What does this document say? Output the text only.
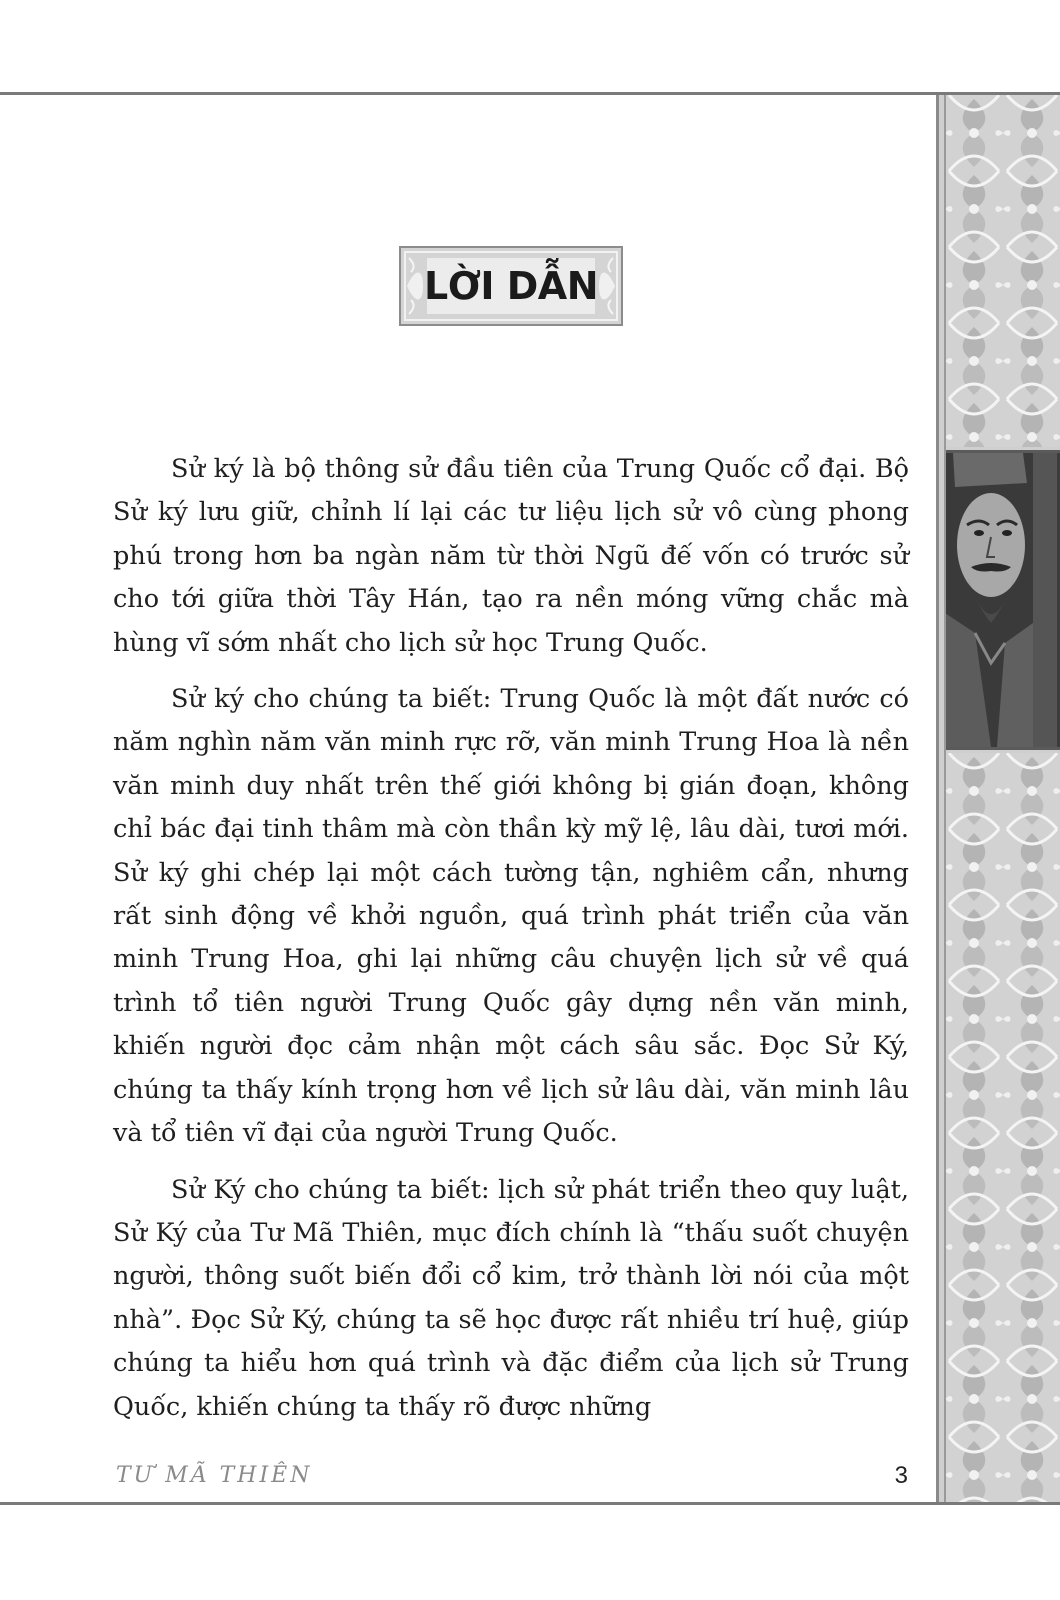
LỜI DẪN

Sử ký là bộ thông sử đầu tiên của Trung Quốc cổ đại. Bộ Sử ký lưu giữ, chỉnh lí lại các tư liệu lịch sử vô cùng phong phú trong hơn ba ngàn năm từ thời Ngũ đế vốn có trước sử cho tới giữa thời Tây Hán, tạo ra nền móng vững chắc mà hùng vĩ sớm nhất cho lịch sử học Trung Quốc.

Sử ký cho chúng ta biết: Trung Quốc là một đất nước có năm nghìn năm văn minh rực rỡ, văn minh Trung Hoa là nền văn minh duy nhất trên thế giới không bị gián đoạn, không chỉ bác đại tinh thâm mà còn thần kỳ mỹ lệ, lâu dài, tươi mới. Sử ký ghi chép lại một cách tường tận, nghiêm cẩn, nhưng rất sinh động về khởi nguồn, quá trình phát triển của văn minh Trung Hoa, ghi lại những câu chuyện lịch sử về quá trình tổ tiên người Trung Quốc gây dựng nền văn minh, khiến người đọc cảm nhận một cách sâu sắc. Đọc Sử Ký, chúng ta thấy kính trọng hơn về lịch sử lâu dài, văn minh lâu và tổ tiên vĩ đại của người Trung Quốc.

Sử Ký cho chúng ta biết: lịch sử phát triển theo quy luật, Sử Ký của Tư Mã Thiên, mục đích chính là “thấu suốt chuyện người, thông suốt biến đổi cổ kim, trở thành lời nói của một nhà”. Đọc Sử Ký, chúng ta sẽ học được rất nhiều trí huệ, giúp chúng ta hiểu hơn quá trình và đặc điểm của lịch sử Trung Quốc, khiến chúng ta thấy rõ được những

TƯ MÃ THIÊN	3
